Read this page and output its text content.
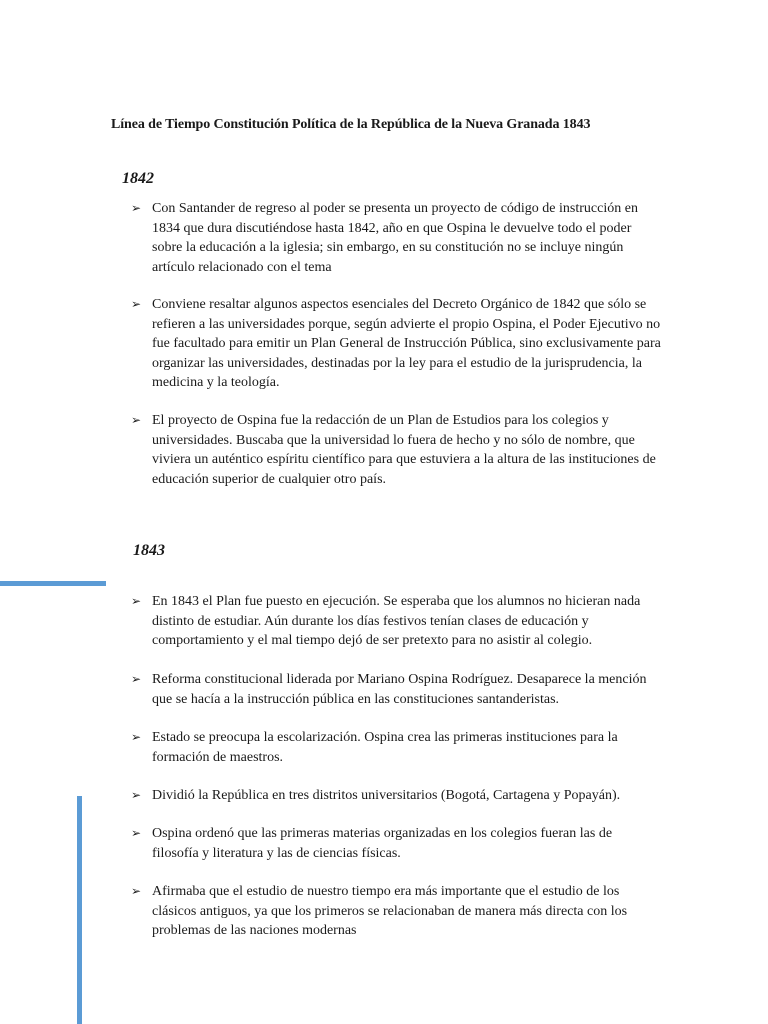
Línea de Tiempo Constitución Política de la República de la Nueva Granada 1843
1842
➢ Con Santander de regreso al poder se presenta un proyecto de código de instrucción en 1834 que dura discutiéndose hasta 1842, año en que Ospina le devuelve todo el poder sobre la educación a la iglesia; sin embargo, en su constitución no se incluye ningún artículo relacionado con el tema
➢ Conviene resaltar algunos aspectos esenciales del Decreto Orgánico de 1842 que sólo se refieren a las universidades porque, según advierte el propio Ospina, el Poder Ejecutivo no fue facultado para emitir un Plan General de Instrucción Pública, sino exclusivamente para organizar las universidades, destinadas por la ley para el estudio de la jurisprudencia, la medicina y la teología.
➢ El proyecto de Ospina fue la redacción de un Plan de Estudios para los colegios y universidades. Buscaba que la universidad lo fuera de hecho y no sólo de nombre, que viviera un auténtico espíritu científico para que estuviera a la altura de las instituciones de educación superior de cualquier otro país.
1843
➢ En 1843 el Plan fue puesto en ejecución. Se esperaba que los alumnos no hicieran nada distinto de estudiar. Aún durante los días festivos tenían clases de educación y comportamiento y el mal tiempo dejó de ser pretexto para no asistir al colegio.
➢ Reforma constitucional liderada por Mariano Ospina Rodríguez. Desaparece la mención que se hacía a la instrucción pública en las constituciones santanderistas.
➢ Estado se preocupa la escolarización. Ospina crea las primeras instituciones para la formación de maestros.
➢ Dividió la República en tres distritos universitarios (Bogotá, Cartagena y Popayán).
➢ Ospina ordenó que las primeras materias organizadas en los colegios fueran las de filosofía y literatura y las de ciencias físicas.
➢ Afirmaba que el estudio de nuestro tiempo era más importante que el estudio de los clásicos antiguos, ya que los primeros se relacionaban de manera más directa con los problemas de las naciones modernas
